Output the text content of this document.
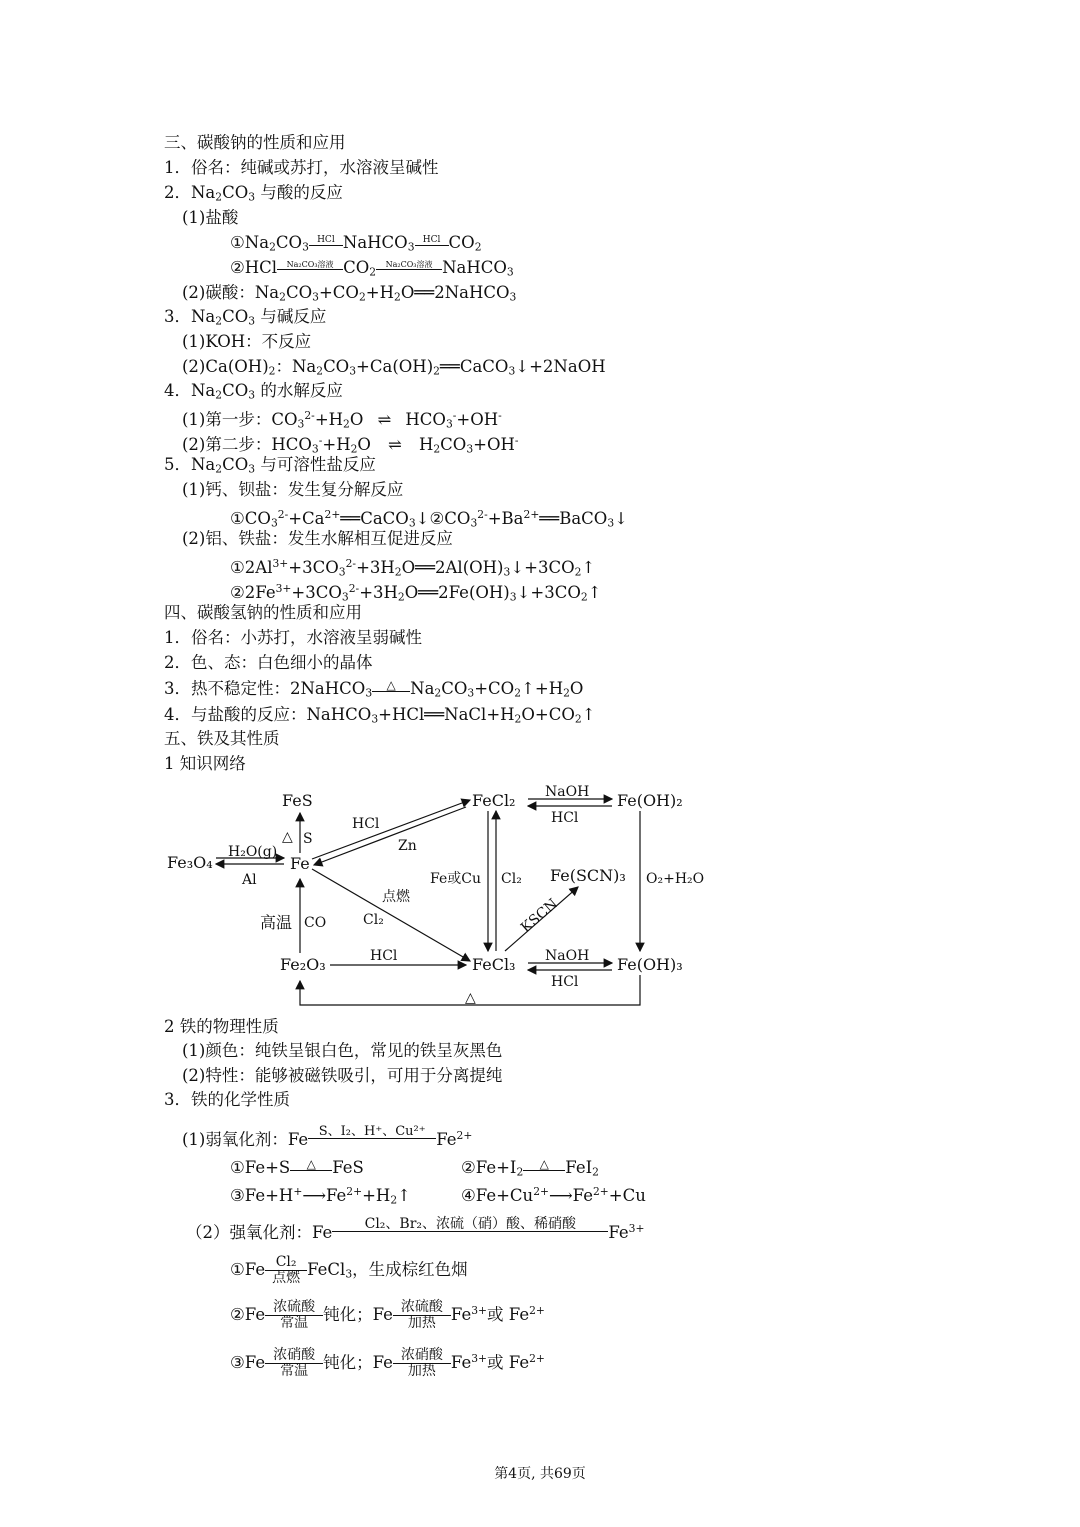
三、碳酸钠的性质和应用
1．俗名：纯碱或苏打，水溶液呈碱性
2．$Na_2CO_3$ 与酸的反应
(1)盐酸
$①Na_2CO_3HCl$ NaHCO$_3$HCl $CO_2$
②HCl Na₂CO₃溶液 $CO_2Na_2CO_3$溶液 NaHCO$_3$
(2)碳酸：$Na_2CO_3+CO_2+H_2O══2NaHCO_3$
3．$Na_2CO_3$ 与碱反应
(1)KOH：不反应
$(2)Ca(OH)_2$：$Na_2CO_3+Ca(OH)_2══CaCO_3↓+2NaOH$
4．$Na_2CO_3$ 的水解反应
(1)第一步：$CO_3^{2-}+H_2O$ ⇌ $HCO_3^-+OH^-$
(2)第二步：$HCO_3^-+H_2O$ ⇌ $H_2CO_3+OH^-$
5．$Na_2CO_3$ 与可溶性盐反应
(1)钙、钡盐：发生复分解反应
$①CO_3^{2-}+Ca^{2+}══CaCO_3↓②CO_3^{2-}+Ba^{2+}══BaCO_3↓$
(2)铝、铁盐：发生水解相互促进反应
$①2Al^{3+}+3CO_3^{2-}+3H_2O══2Al(OH)_3↓+3CO_2↑$
$②2Fe^{3+}+3CO_3^{2-}+3H_2O══2Fe(OH)_3↓+3CO_2↑$
四、碳酸氢钠的性质和应用
1．俗名：小苏打，水溶液呈弱碱性
2．色、态：白色细小的晶体
3．热不稳定性：2NaHCO$_3$△ $Na_2CO_3+CO_2↑+H_2O$
4．与盐酸的反应：$NaHCO_3+HCl══NaCl+H_2O+CO_2↑$
五、铁及其性质
1 知识网络
FeS
Fe₃O₄	Fe
Fe₂O₃
FeCl₂
FeCl₃
Fe(OH)₂
Fe(OH)₃
Fe(SCN)₃
△ S
H₂O(g)
Al
HCl
Zn
点燃
Cl₂
高温 CO
HCl
Fe或Cu Cl₂
KSCN
NaOH
HCl
NaOH
HCl
O₂+H₂O
△
2 铁的物理性质
(1)颜色：纯铁呈银白色，常见的铁呈灰黑色
(2)特性：能够被磁铁吸引，可用于分离提纯
3．铁的化学性质
(1)弱氧化剂：Fe S、I₂、H⁺、Cu²⁺ $Fe^{2+}$
①Fe+S △ FeS	$②Fe+I_2\triangle$ FeI$_2$
$③Fe+H^+⟶Fe^{2+}+H_2↑$	$④Fe+Cu^{2+}⟶Fe^{2+}+Cu$
（2）强氧化剂：Fe Cl₂、Br₂、浓硫（硝）酸、稀硝酸 $Fe^{3+}$
①Fe Cl₂
点燃 FeCl$_3$，生成棕红色烟
②Fe 浓硫酸
常温 钝化；Fe 浓硫酸
加热 $Fe^{3+}$或 $Fe^{2+}$
③Fe 浓硝酸
常温 钝化；Fe 浓硝酸
加热 $Fe^{3+}$或 $Fe^{2+}$
第4页, 共69页
